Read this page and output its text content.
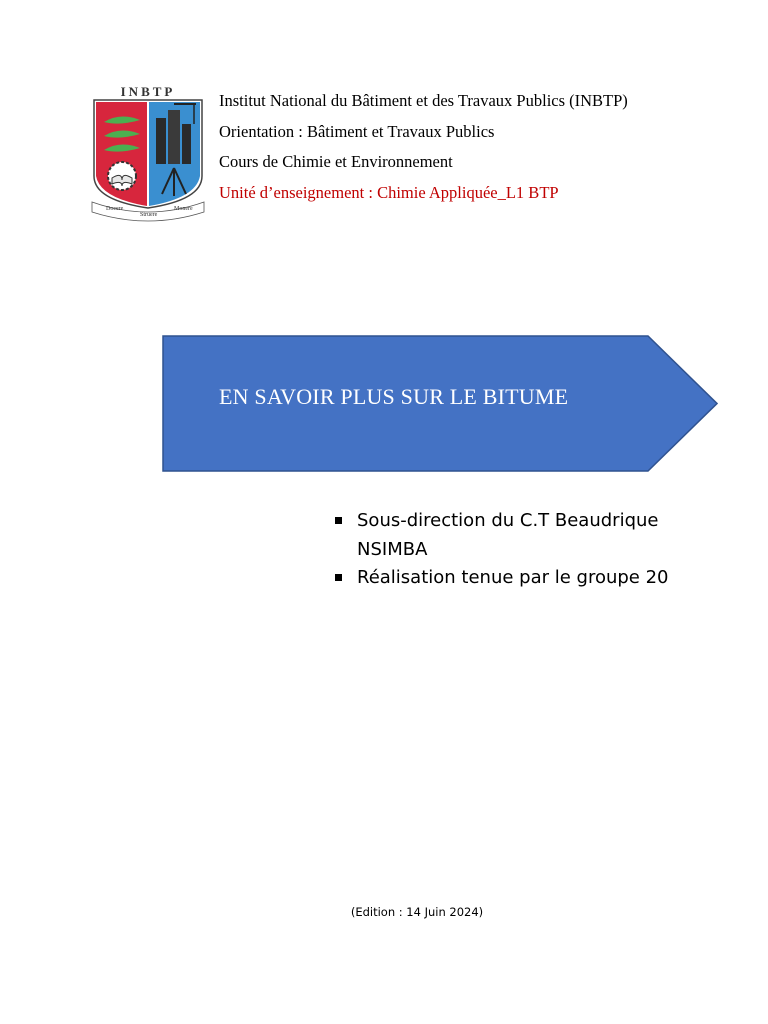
INBTP
Docere
Struere
Monere
Institut National du Bâtiment et des Travaux Publics (INBTP)
Orientation : Bâtiment et Travaux Publics
Cours de Chimie et Environnement
Unité d’enseignement : Chimie Appliquée_L1 BTP
EN SAVOIR PLUS SUR LE BITUME
Sous-direction du C.T Beaudrique NSIMBA
Réalisation tenue par le groupe 20
(Edition : 14 Juin 2024)
